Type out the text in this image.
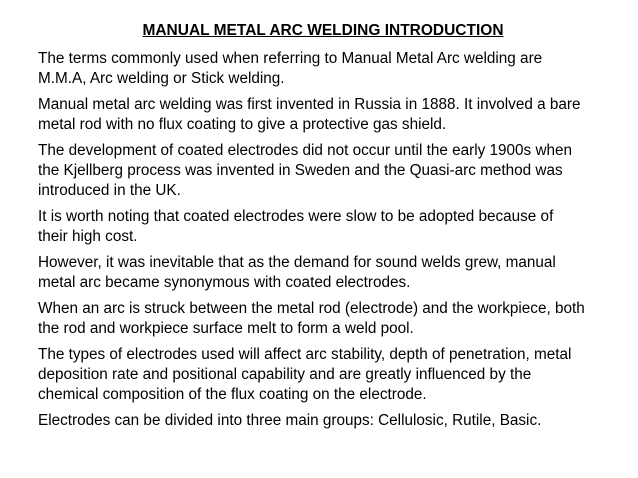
MANUAL METAL ARC WELDING INTRODUCTION
The terms commonly used when referring to Manual Metal Arc welding are
M.M.A, Arc welding or Stick welding.
Manual metal arc welding was first invented in Russia in 1888. It involved a bare
metal rod with no flux coating to give a protective gas shield.
The development of coated electrodes did not occur until the early 1900s when
the Kjellberg process was invented in Sweden and the Quasi-arc method was
introduced in the UK.
It is worth noting that coated electrodes were slow to be adopted because of
their high cost.
However, it was inevitable that as the demand for sound welds grew, manual
metal arc became synonymous with coated electrodes.
When an arc is struck between the metal rod (electrode) and the workpiece, both
the rod and workpiece surface melt to form a weld pool.
The types of electrodes used will affect arc stability, depth of penetration, metal
deposition rate and positional capability and are greatly influenced by the
chemical composition of the flux coating on the electrode.
Electrodes can be divided into three main groups: Cellulosic, Rutile, Basic.
